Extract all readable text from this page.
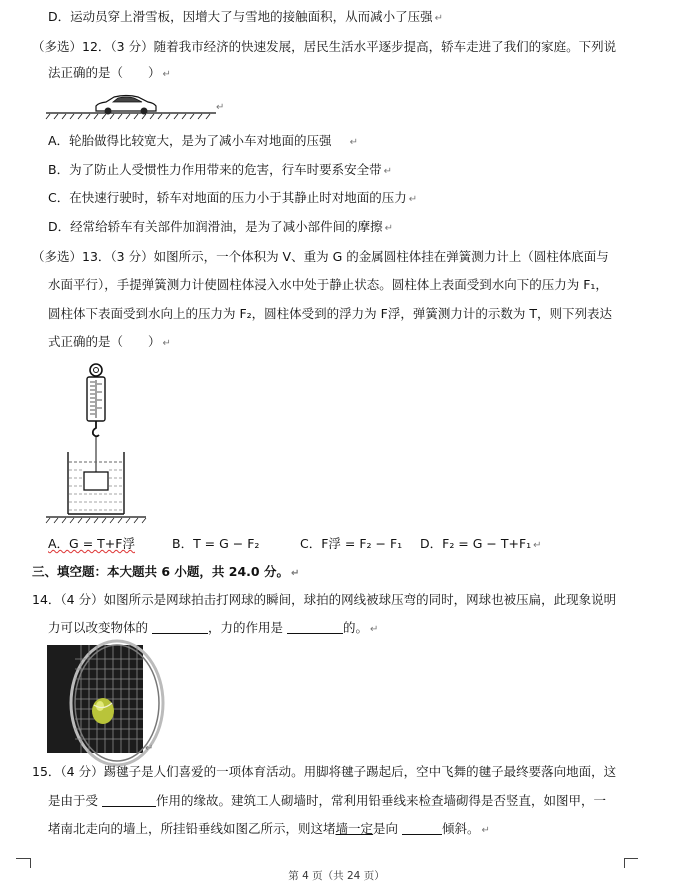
D．运动员穿上滑雪板，因增大了与雪地的接触面积，从而减小了压强 ↵
（多选）12．（3 分）随着我市经济的快速发展，居民生活水平逐步提高，轿车走进了我们的家庭。下列说
法正确的是（　　） ↵
↵
A．轮胎做得比较宽大，是为了减小车对地面的压强 ↵
B．为了防止人受惯性力作用带来的危害，行车时要系安全带 ↵
C．在快速行驶时，轿车对地面的压力小于其静止时对地面的压力 ↵
D．经常给轿车有关部件加润滑油，是为了减小部件间的摩擦 ↵
（多选）13．（3 分）如图所示，一个体积为 V、重为 G 的金属圆柱体挂在弹簧测力计上（圆柱体底面与
水面平行），手提弹簧测力计使圆柱体浸入水中处于静止状态。圆柱体上表面受到水向下的压力为 F₁，
圆柱体下表面受到水向上的压力为 F₂，圆柱体受到的浮力为 F浮，弹簧测力计的示数为 T，则下列表达
式正确的是（　　） ↵
A．G = T+F浮	B．T = G − F₂	C．F浮 = F₂ − F₁ D．F₂ = G − T+F₁ ↵
三、填空题：本大题共 6 小题，共 24.0 分。 ↵
14．（4 分）如图所示是网球拍击打网球的瞬间，球拍的网线被球压弯的同时，网球也被压扁，此现象说明
力可以改变物体的	，力的作用是	的。 ↵
↵
15．（4 分）踢毽子是人们喜爱的一项体育活动。用脚将毽子踢起后，空中飞舞的毽子最终要落向地面，这
是由于受	作用的缘故。建筑工人砌墙时，常利用铅垂线来检查墙砌得是否竖直，如图甲，一
堵南北走向的墙上，所挂铅垂线如图乙所示，则这堵墙一定是向	倾斜。 ↵
第 4 页（共 24 页）
